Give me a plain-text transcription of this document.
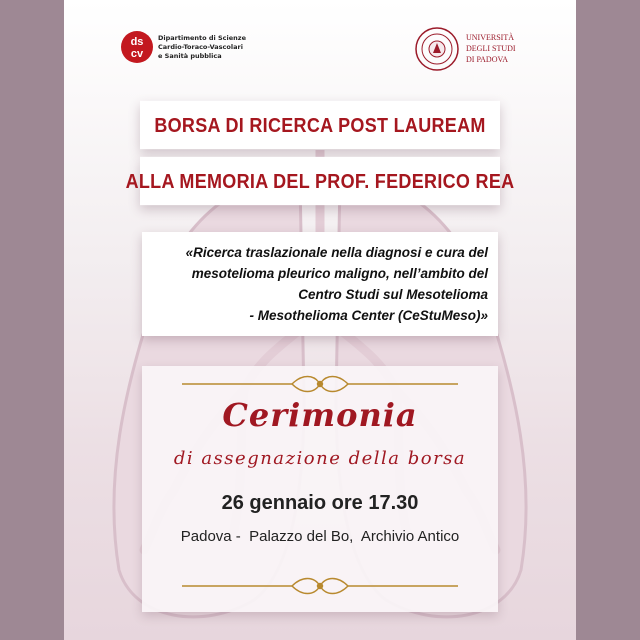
ds
cv
Dipartimento di Scienze
Cardio-Toraco-Vascolari
e Sanità pubblica
UNIVERSITÀ
DEGLI STUDI
DI PADOVA
BORSA DI RICERCA POST LAUREAM
ALLA MEMORIA DEL PROF. FEDERICO REA
«Ricerca traslazionale nella diagnosi e cura del
mesotelioma pleurico maligno, nell’ambito del
Centro Studi sul Mesotelioma
- Mesothelioma Center (CeStuMeso)»
Cerimonia
di assegnazione della borsa
26 gennaio ore 17.30
Padova -  Palazzo del Bo,  Archivio Antico
